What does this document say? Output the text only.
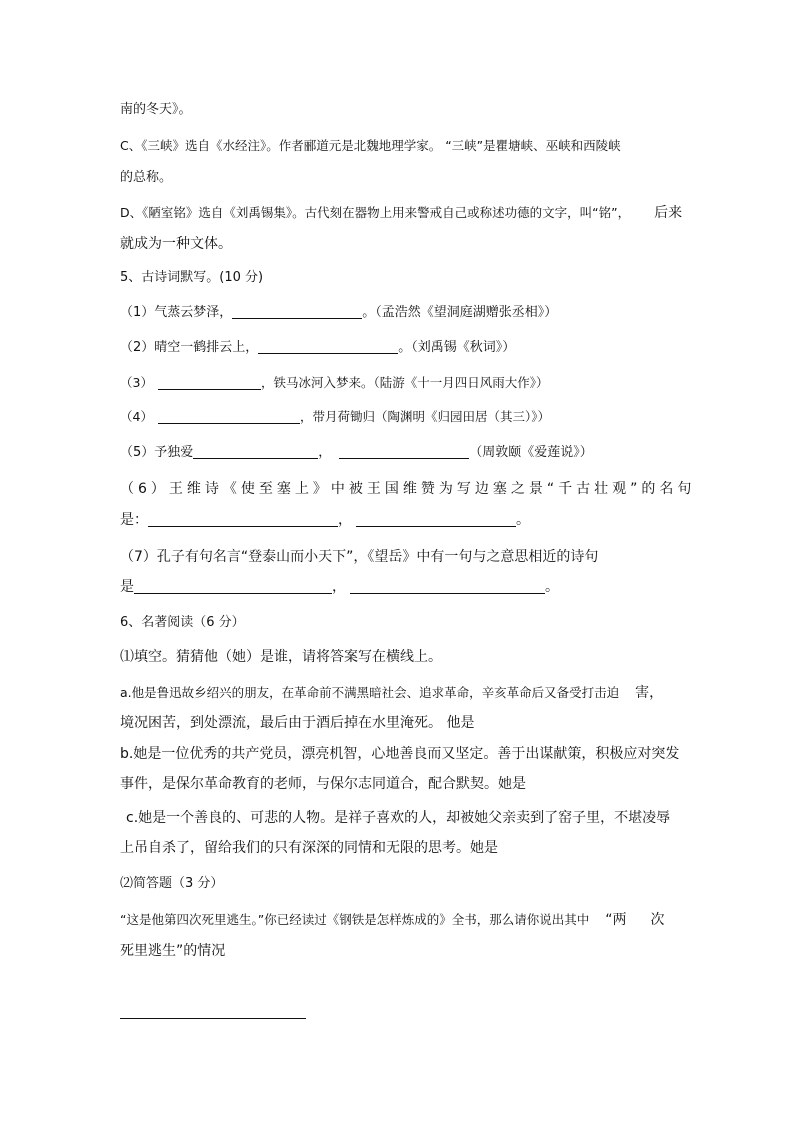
南的冬天》。
C、《三峡》选自《水经注》。作者郦道元是北魏地理学家。 “三峡”是瞿塘峡、巫峡和西陵峡
的总称。
D、《陋室铭》选自《刘禹锡集》。古代刻在器物上用来警戒自己或称述功德的文字，叫“铭”， 后来
就成为一种文体。
5、古诗词默写。(10 分)
（1）气蒸云梦泽，	。（孟浩然《望洞庭湖赠张丞相》）
（2）晴空一鹤排云上，	。（刘禹锡《秋词》）
（3）	，铁马冰河入梦来。（陆游《十一月四日风雨大作》）
（4）	，带月荷锄归（陶渊明《归园田居（其三）》）
（5）予独爱	，	（周敦颐《爱莲说》）
（6）王维诗《使至塞上》中被王国维赞为写边塞之景“千古壮观”的名句
是：	，	。
（7）孔子有句名言“登泰山而小天下”，《望岳》中有一句与之意思相近的诗句
是	，	。
6、名著阅读（6 分）
⑴填空。猜猜他（她）是谁，请将答案写在横线上。
a.他是鲁迅故乡绍兴的朋友，在革命前不满黑暗社会、追求革命，辛亥革命后又备受打击迫 害，
境况困苦，到处漂流，最后由于酒后掉在水里淹死。 他是
b.她是一位优秀的共产党员，漂亮机智，心地善良而又坚定。善于出谋献策，积极应对突发
事件，是保尔革命教育的老师，与保尔志同道合，配合默契。她是
c.她是一个善良的、可悲的人物。是祥子喜欢的人，却被她父亲卖到了窑子里，不堪凌辱
上吊自杀了，留给我们的只有深深的同情和无限的思考。她是
⑵简答题（3 分）
“这是他第四次死里逃生。”你已经读过《钢铁是怎样炼成的》全书，那么请你说出其中 “两 次
死里逃生”的情况
